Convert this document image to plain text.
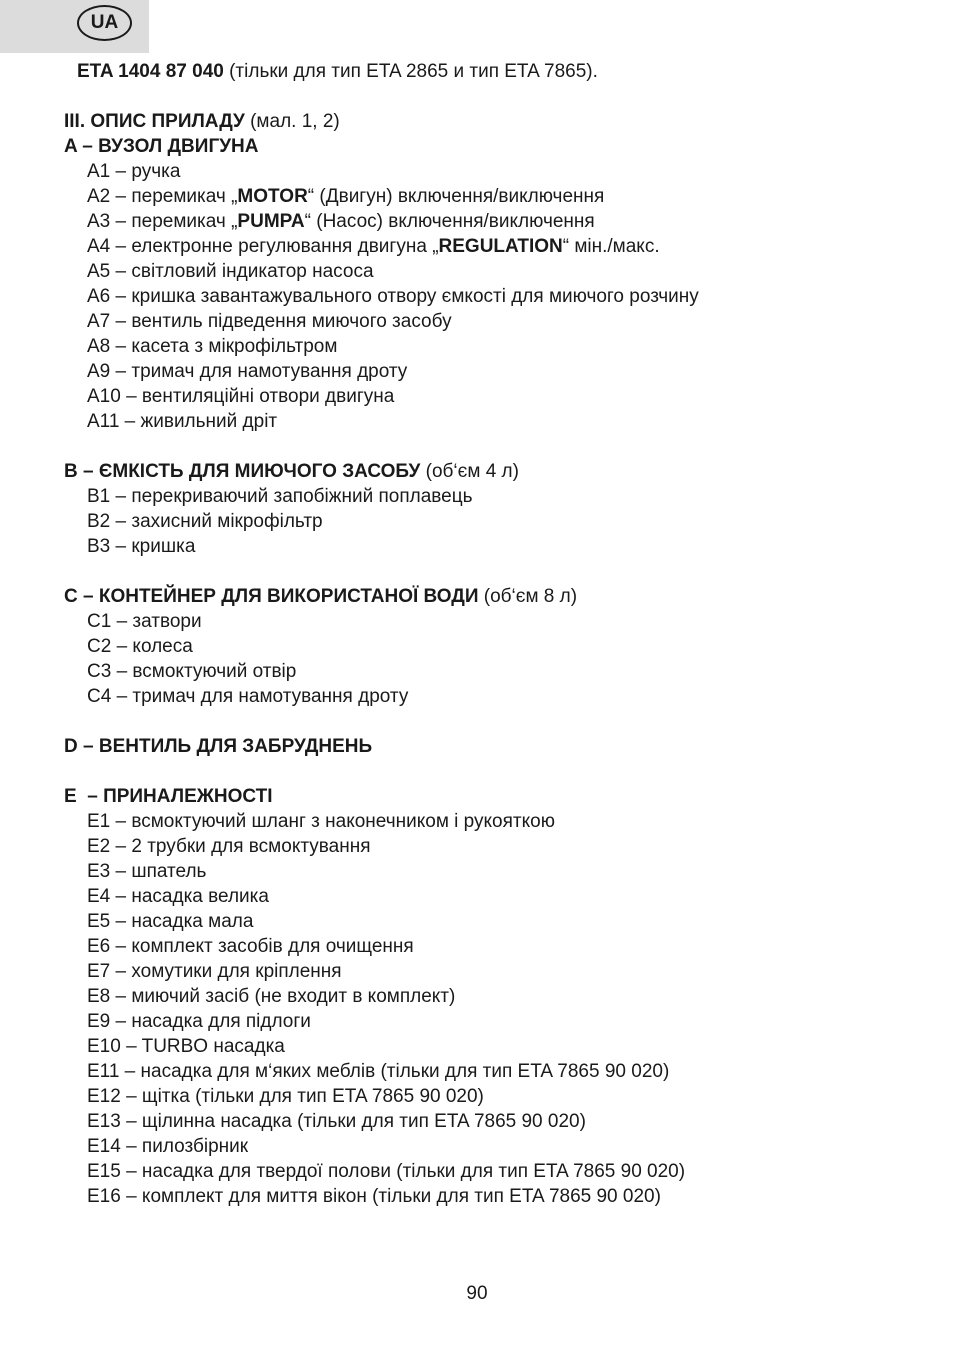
UA
ETA 1404 87 040 (тільки для тип ETA 2865 и тип ETA 7865).
III. ОПИС ПРИЛАДУ (мал. 1, 2)
A – ВУЗОЛ ДВИГУНА
A1 – ручка
A2 – перемикач „MOTOR“ (Двигун) включення/виключення
A3 – перемикач „PUMPA“ (Насос) включення/виключення
A4 – електронне регулювання двигуна „REGULATION“ мін./макс.
A5 – світловий індикатор насоса
A6 – кришка завантажувального отвору ємкості для миючого розчину
A7 – вентиль підведення миючого засобу
A8 – касета з мікрофільтром
A9 – тримач для намотування дроту
A10 – вентиляційні отвори двигуна
A11 – живильний дріт
B – ЄМКІСТЬ ДЛЯ МИЮЧОГО ЗАСОБУ (об‘єм 4 л)
B1 – перекриваючий запобіжний поплавець
B2 – захисний мікрофільтр
B3 – кришка
C – КОНТЕЙНЕР ДЛЯ ВИКОРИСТАНОЇ ВОДИ (об‘єм 8 л)
C1 – затвори
C2 – колеса
C3 – всмоктуючий отвір
C4 – тримач для намотування дроту
D – ВЕНТИЛЬ ДЛЯ ЗАБРУДНЕНЬ
E  – ПРИНАЛЕЖНОСТІ
E1 – всмоктуючий шланг з наконечником і рукояткою
E2 – 2 трубки для всмоктування
E3 – шпатель
E4 – насадка велика
E5 – насадка мала
E6 – комплект засобів для очищення
E7 – хомутики для кріплення
E8 – миючий засіб (не входит в комплект)
E9 – насадка для підлоги
E10 – TURBO насадка
E11 – насадка для м‘яких меблів (тільки для тип ETA 7865 90 020)
E12 – щітка (тільки для тип ETA 7865 90 020)
E13 – щілинна насадка (тільки для тип ETA 7865 90 020)
E14 – пилозбірник
E15 – насадка для твердої полови (тільки для тип ETA 7865 90 020)
E16 – комплект для миття вікон (тільки для тип ETA 7865 90 020)
90
